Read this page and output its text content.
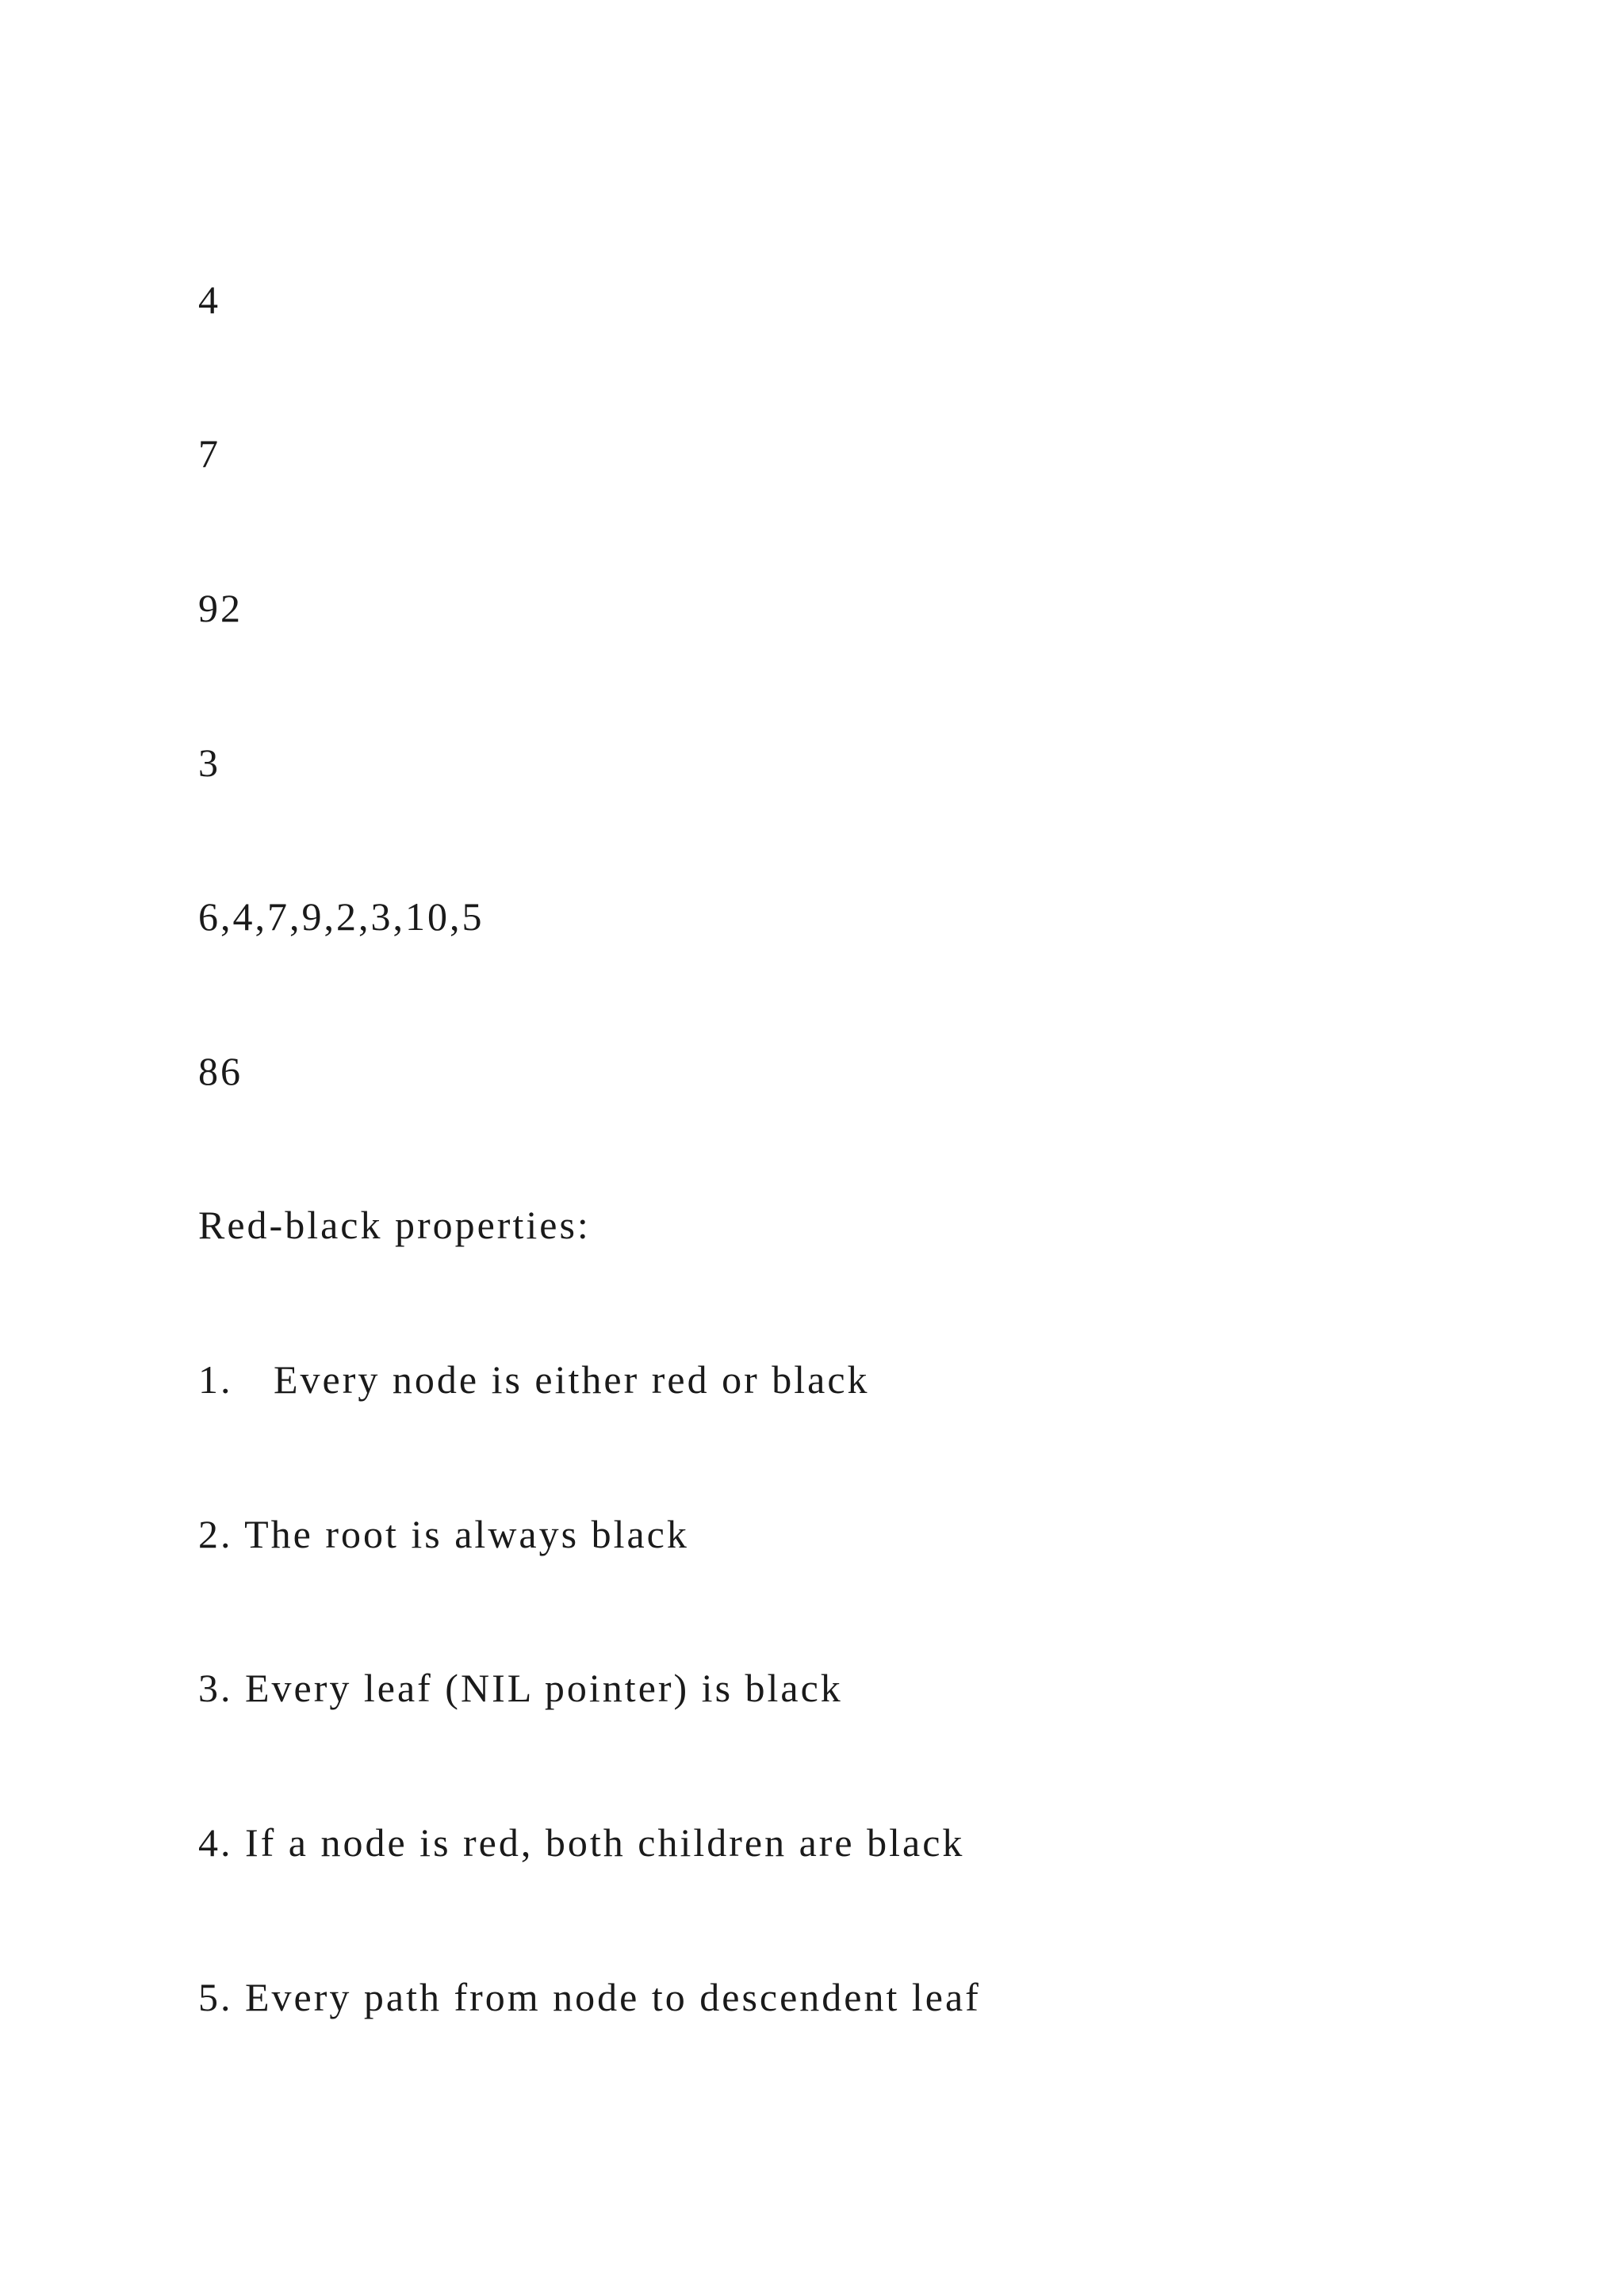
4

7

92

3

6,4,7,9,2,3,10,5

86

Red-black properties:

1. Every node is either red or black

2. The root is always black

3. Every leaf (NIL pointer) is black

4. If a node is red, both children are black

5. Every path from node to descendent leaf
